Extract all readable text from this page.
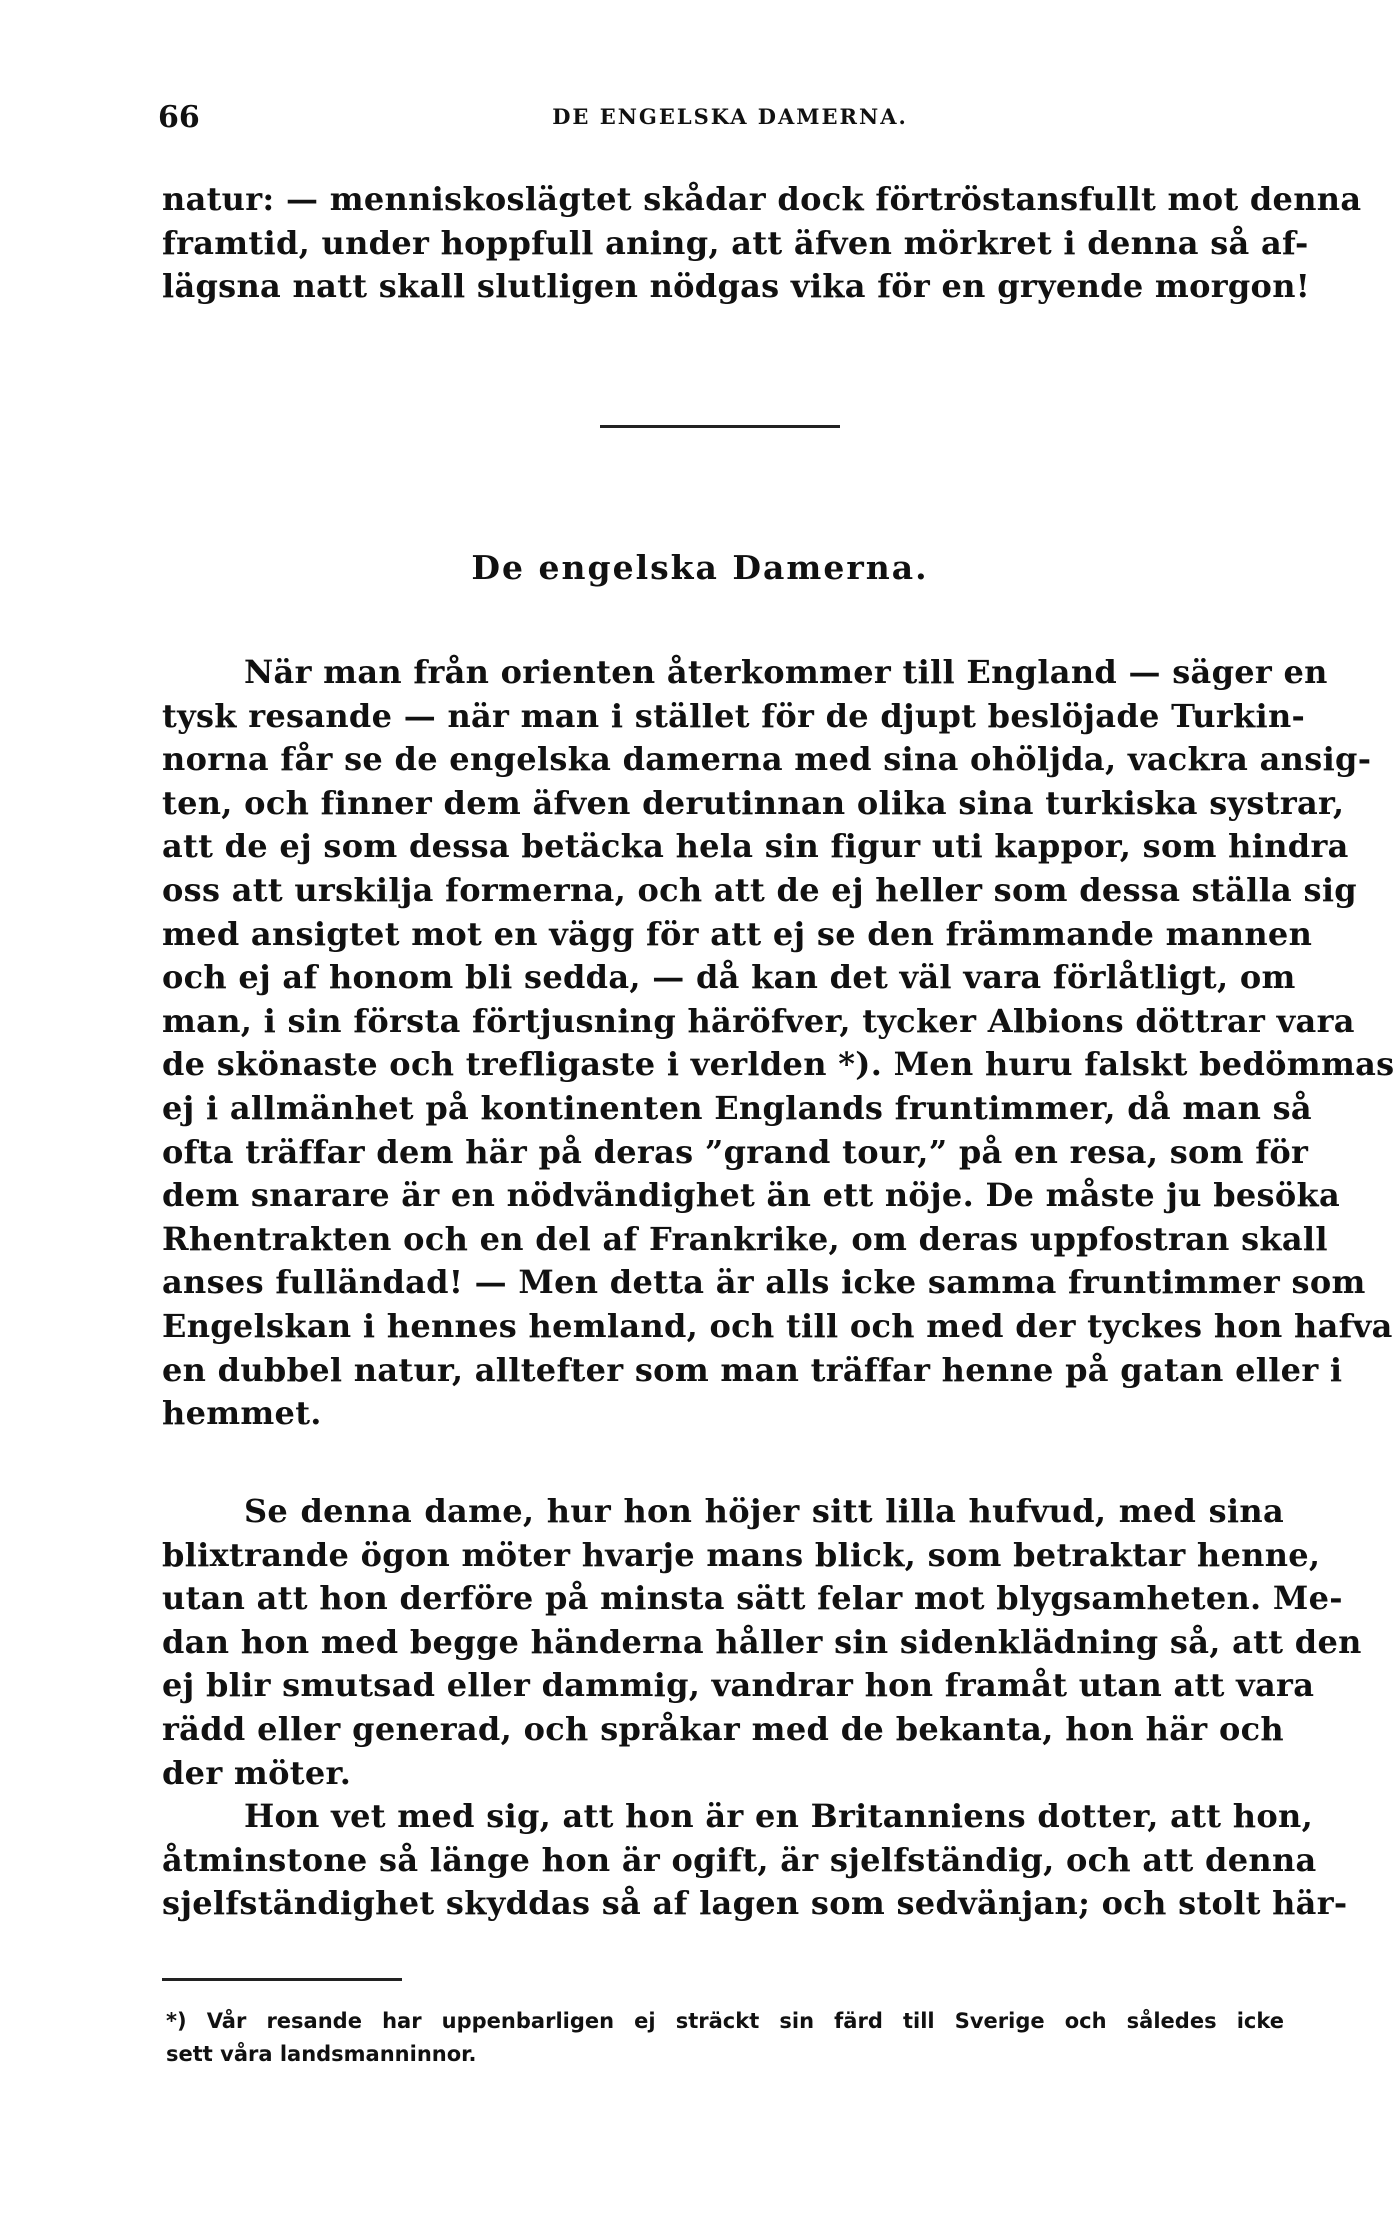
66	DE ENGELSKA DAMERNA.
natur: — menniskoslägtet skådar dock förtröstansfullt mot denna
framtid, under hoppfull aning, att äfven mörkret i denna så af-
lägsna natt skall slutligen nödgas vika för en gryende morgon!
De engelska Damerna.
När man från orienten återkommer till England — säger en
tysk resande — när man i stället för de djupt beslöjade Turkin-
norna får se de engelska damerna med sina ohöljda, vackra ansig-
ten, och finner dem äfven derutinnan olika sina turkiska systrar,
att de ej som dessa betäcka hela sin figur uti kappor, som hindra
oss att urskilja formerna, och att de ej heller som dessa ställa sig
med ansigtet mot en vägg för att ej se den främmande mannen
och ej af honom bli sedda, — då kan det väl vara förlåtligt, om
man, i sin första förtjusning häröfver, tycker Albions döttrar vara
de skönaste och trefligaste i verlden *). Men huru falskt bedömmas
ej i allmänhet på kontinenten Englands fruntimmer, då man så
ofta träffar dem här på deras ”grand tour,” på en resa, som för
dem snarare är en nödvändighet än ett nöje. De måste ju besöka
Rhentrakten och en del af Frankrike, om deras uppfostran skall
anses fulländad! — Men detta är alls icke samma fruntimmer som
Engelskan i hennes hemland, och till och med der tyckes hon hafva
en dubbel natur, alltefter som man träffar henne på gatan eller i
hemmet.
Se denna dame, hur hon höjer sitt lilla hufvud, med sina
blixtrande ögon möter hvarje mans blick, som betraktar henne,
utan att hon derföre på minsta sätt felar mot blygsamheten. Me-
dan hon med begge händerna håller sin sidenklädning så, att den
ej blir smutsad eller dammig, vandrar hon framåt utan att vara
rädd eller generad, och språkar med de bekanta, hon här och
der möter.
Hon vet med sig, att hon är en Britanniens dotter, att hon,
åtminstone så länge hon är ogift, är sjelfständig, och att denna
sjelfständighet skyddas så af lagen som sedvänjan; och stolt här-
*) Vår resande har uppenbarligen ej sträckt sin färd till Sverige och således icke
sett våra landsmanninnor.
